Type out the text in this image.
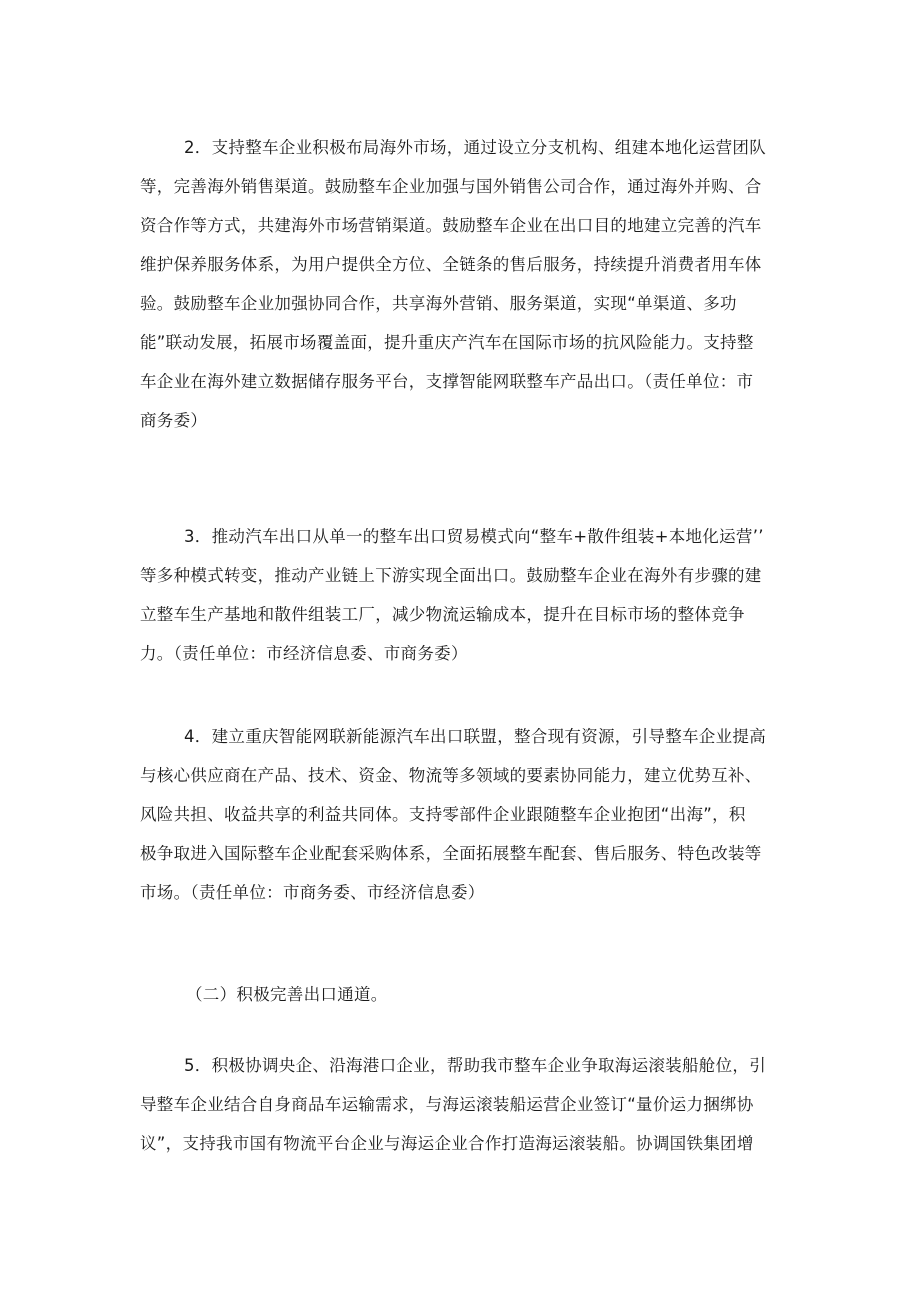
2．支持整车企业积极布局海外市场，通过设立分支机构、组建本地化运营团队
等，完善海外销售渠道。鼓励整车企业加强与国外销售公司合作，通过海外并购、合
资合作等方式，共建海外市场营销渠道。鼓励整车企业在出口目的地建立完善的汽车
维护保养服务体系，为用户提供全方位、全链条的售后服务，持续提升消费者用车体
验。鼓励整车企业加强协同合作，共享海外营销、服务渠道，实现“单渠道、多功
能”联动发展，拓展市场覆盖面，提升重庆产汽车在国际市场的抗风险能力。支持整
车企业在海外建立数据储存服务平台，支撑智能网联整车产品出口。（责任单位：市
商务委）

3．推动汽车出口从单一的整车出口贸易模式向“整车+散件组装+本地化运营’’
等多种模式转变，推动产业链上下游实现全面出口。鼓励整车企业在海外有步骤的建
立整车生产基地和散件组装工厂，减少物流运输成本，提升在目标市场的整体竞争
力。（责任单位：市经济信息委、市商务委）

4．建立重庆智能网联新能源汽车出口联盟，整合现有资源，引导整车企业提高
与核心供应商在产品、技术、资金、物流等多领域的要素协同能力，建立优势互补、
风险共担、收益共享的利益共同体。支持零部件企业跟随整车企业抱团“出海”，积
极争取进入国际整车企业配套采购体系，全面拓展整车配套、售后服务、特色改装等
市场。（责任单位：市商务委、市经济信息委）

（二）积极完善出口通道。

5．积极协调央企、沿海港口企业，帮助我市整车企业争取海运滚装船舱位，引
导整车企业结合自身商品车运输需求，与海运滚装船运营企业签订“量价运力捆绑协
议”，支持我市国有物流平台企业与海运企业合作打造海运滚装船。协调国铁集团增
